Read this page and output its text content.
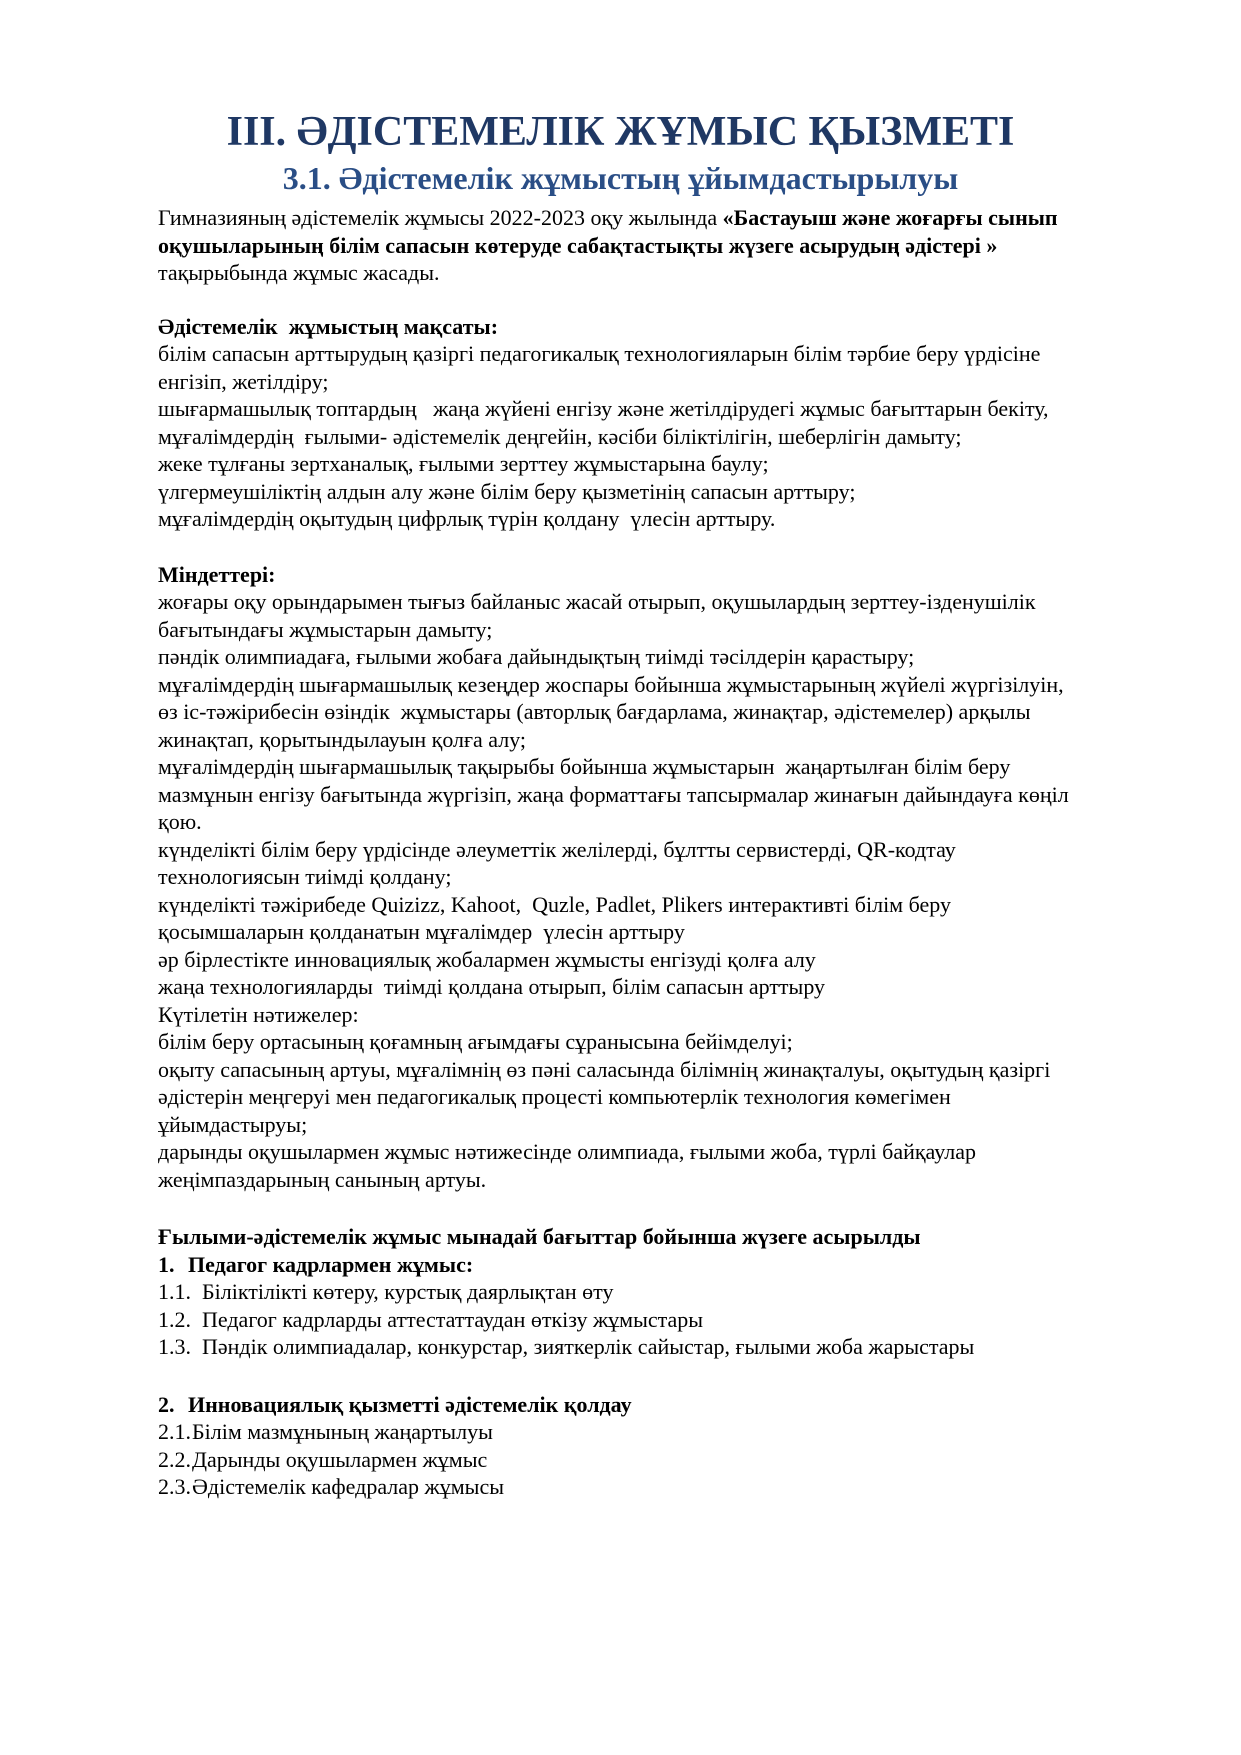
III. ӘДІСТЕМЕЛІК ЖҰМЫС ҚЫЗМЕТІ
3.1. Әдістемелік жұмыстың ұйымдастырылуы

Гимназияның әдістемелік жұмысы 2022-2023 оқу жылында «Бастауыш және жоғарғы сынып оқушыларының білім сапасын көтеруде сабақтастықты жүзеге асырудың әдістері » тақырыбында жұмыс жасады.

Әдістемелік  жұмыстың мақсаты:

білім сапасын арттырудың қазіргі педагогикалық технологияларын білім тәрбие беру үрдісіне енгізіп, жетілдіру;

шығармашылық топтардың   жаңа жүйені енгізу және жетілдірудегі жұмыс бағыттарын бекіту, мұғалімдердің  ғылыми- әдістемелік деңгейін, кәсіби біліктілігін, шеберлігін дамыту;

жеке тұлғаны зертханалық, ғылыми зерттеу жұмыстарына баулу;

үлгермеушіліктің алдын алу және білім беру қызметінің сапасын арттыру;

мұғалімдердің оқытудың цифрлық түрін қолдану  үлесін арттыру.

Міндеттері:

жоғары оқу орындарымен тығыз байланыс жасай отырып, оқушылардың зерттеу-ізденушілік бағытындағы жұмыстарын дамыту;

пәндік олимпиадаға, ғылыми жобаға дайындықтың тиімді тәсілдерін қарастыру;

мұғалімдердің шығармашылық кезеңдер жоспары бойынша жұмыстарының жүйелі жүргізілуін, өз іс-тәжірибесін өзіндік  жұмыстары (авторлық бағдарлама, жинақтар, әдістемелер) арқылы жинақтап, қорытындылауын қолға алу;

мұғалімдердің шығармашылық тақырыбы бойынша жұмыстарын  жаңартылған білім беру мазмұнын енгізу бағытында жүргізіп, жаңа форматтағы тапсырмалар жинағын дайындауға көңіл қою.

күнделікті білім беру үрдісінде әлеуметтік желілерді, бұлтты сервистерді, QR-кодтау технологиясын тиімді қолдану;

күнделікті тәжірибеде Quizizz, Kahoot,  Quzle, Padlet, Plikers интерактивті білім беру қосымшаларын қолданатын мұғалімдер  үлесін арттыру

әр бірлестікте инновациялық жобалармен жұмысты енгізуді қолға алу

жаңа технологияларды  тиімді қолдана отырып, білім сапасын арттыру

Күтілетін нәтижелер:

білім беру ортасының қоғамның ағымдағы сұранысына бейімделуі;

оқыту сапасының артуы, мұғалімнің өз пәні саласында білімнің жинақталуы, оқытудың қазіргі әдістерін меңгеруі мен педагогикалық процесті компьютерлік технология көмегімен ұйымдастыруы;

дарынды оқушылармен жұмыс нәтижесінде олимпиада, ғылыми жоба, түрлі байқаулар жеңімпаздарының санының артуы.

Ғылыми-әдістемелік жұмыс мынадай бағыттар бойынша жүзеге асырылды

1. Педагог кадрлармен жұмыс:

1.1. Біліктілікті көтеру, курстық даярлықтан өту

1.2. Педагог кадрларды аттестаттаудан өткізу жұмыстары

1.3. Пәндік олимпиадалар, конкурстар, зияткерлік сайыстар, ғылыми жоба жарыстары

2. Инновациялық қызметті әдістемелік қолдау

2.1. Білім мазмұнының жаңартылуы

2.2. Дарынды оқушылармен жұмыс

2.3. Әдістемелік кафедралар жұмысы
